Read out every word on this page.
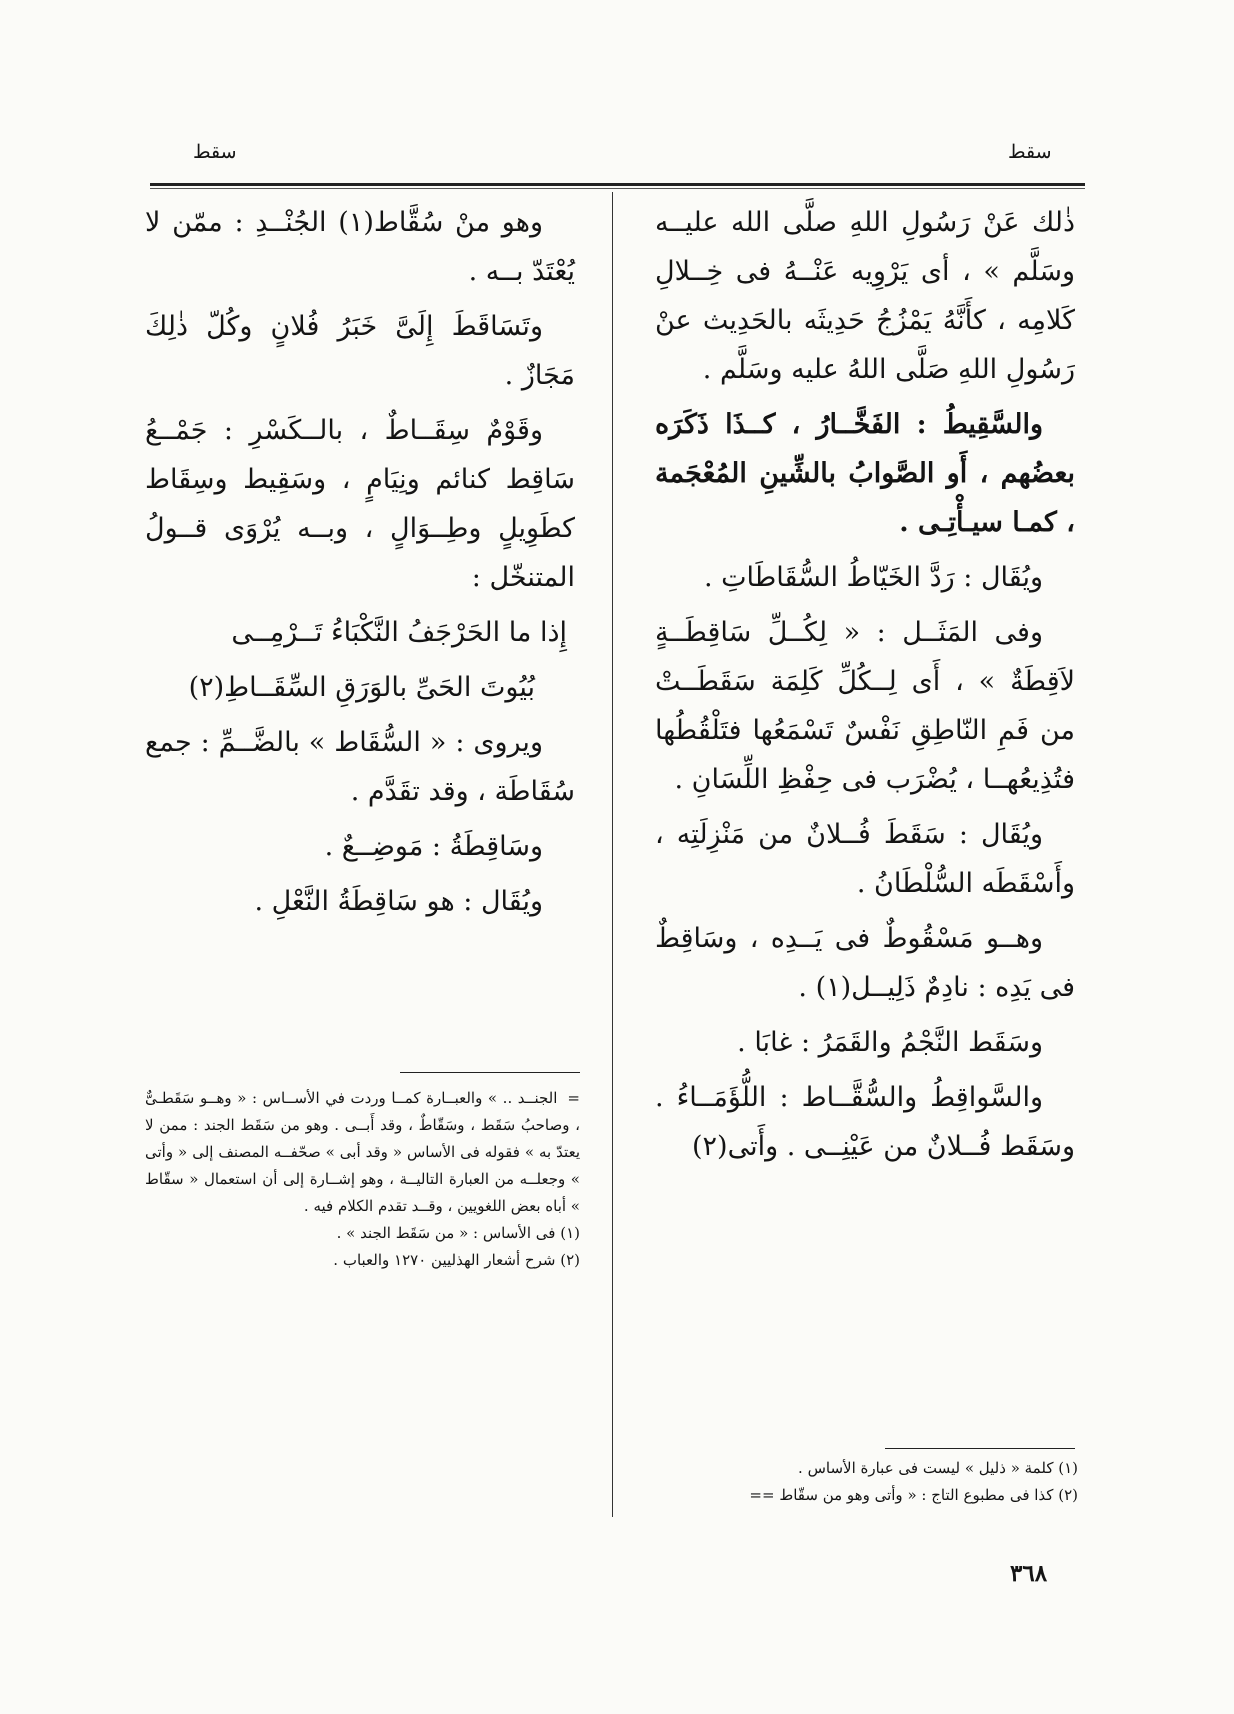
سقط
سقط

ذٰلك عَنْ رَسُولِ اللهِ صلَّى الله عليــه وسَلَّم » ، أى يَرْوِيه عَنْــهُ فى خِــلالِ كَلامِه ، كأَنَّهُ يَمْزُجُ حَدِيثَه بالحَدِيث عنْ رَسُولِ اللهِ صَلَّى اللهُ عليه وسَلَّم .

والسَّقِيطُ : الفَخَّــارُ ، كــذَا ذَكَرَه بعضُهم ، أَو الصَّوابُ بالشِّينِ المُعْجَمة ، كمـا سيـأْتِـى .

ويُقَال : رَدَّ الخَيّاطُ السُّقَاطَاتِ .

وفى المَثَــل : « لِكُــلِّ سَاقِطَــةٍ لاَقِطَةٌ » ، أَى لِــكُلِّ كَلِمَة سَقَطَــتْ من فَمِ النّاطِقِ نَفْسٌ تَسْمَعُها فتَلْقُطُها فتُذِيعُهــا ، يُضْرَب فى حِفْظِ اللِّسَانِ .

ويُقَال : سَقَطَ فُــلانٌ من مَنْزِلَتِه ، وأَسْقَطَه السُّلْطَانُ .

وهــو مَسْقُوطٌ فى يَــدِه ، وسَاقِطٌ فى يَدِه : نادِمٌ ذَلِيــل(١) .

وسَقَط النَّجْمُ والقَمَرُ : غابَا .

والسَّواقِطُ والسُّقَّــاط : اللُّؤَمَــاءُ . وسَقَط فُــلانٌ من عَيْنِــى . وأَتى(٢)

وهو منْ سُقَّاط(١) الجُنْــدِ : ممّن لا يُعْتَدّ بــه .

وتَسَاقَطَ إِلَىَّ خَبَرُ فُلانٍ وكُلّ ذٰلِكَ مَجَازٌ .

وقَوْمٌ سِقَــاطٌ ، بالــكَسْرِ : جَمْــعُ سَاقِط كنائم ونِيَامٍ ، وسَقِيط وسِقَاط كطَوِيلٍ وطِــوَالٍ ، وبــه يُرْوَى قــولُ المتنخّل :

إِذا ما الحَرْجَفُ النَّكْبَاءُ تَــرْمِــى

بُيُوتَ الحَىِّ بالوَرَقِ السِّقَــاطِ(٢)

ويروى : « السُّقَاط » بالضَّــمِّ : جمع سُقَاطَة ، وقد تقَدَّم .

وسَاقِطَةُ : مَوضِــعٌ .

ويُقَال : هو سَاقِطَةُ النَّعْلِ .

=الجنــد .. » والعبــارة كمــا وردت في الأســاس : « وهــو سَقَطـىٌّ ، وصاحبُ سَقَط ، وسَقّاطٌ ، وقد أَبــى . وهو من سَقَط الجند : ممن لا يعتدّ به » فقوله فى الأساس « وقد أبى » صحّفــه المصنف إلى « وأتى » وجعلــه من العبارة التاليــة ، وهو إشــارة إلى أن استعمال « سقّاط » أباه بعض اللغويين ، وقــد تقدم الكلام فيه .

(١) فى الأساس : « من سَقَط الجند » .

(٢) شرح أشعار الهذليين ١٢٧٠ والعباب .

(١) كلمة « ذليل » ليست فى عبارة الأساس .

(٢) كذا فى مطبوع التاج : « وأتى وهو من سقّاط ==

٣٦٨
